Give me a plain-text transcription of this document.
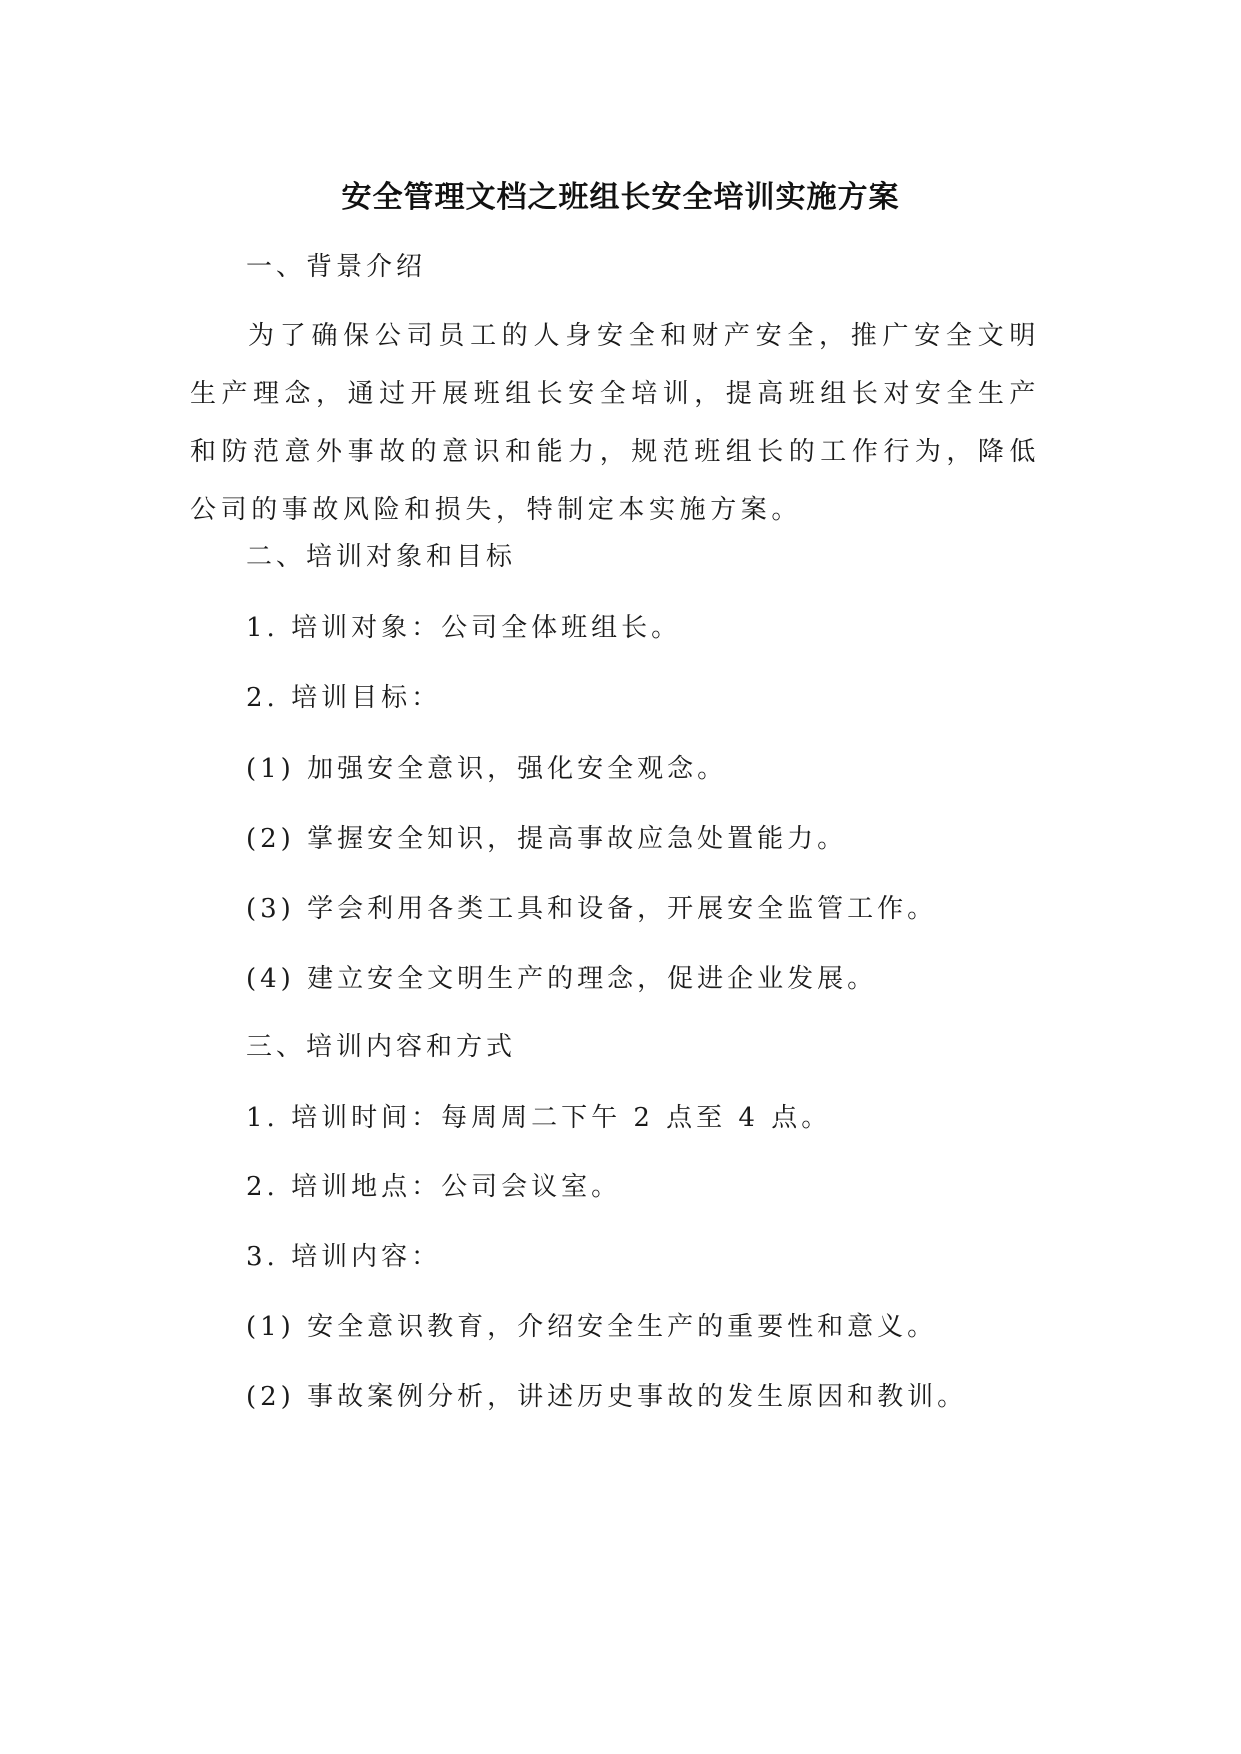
安全管理文档之班组长安全培训实施方案
一、背景介绍

为了确保公司员工的人身安全和财产安全，推广安全文明生产理念，通过开展班组长安全培训，提高班组长对安全生产和防范意外事故的意识和能力，规范班组长的工作行为，降低公司的事故风险和损失，特制定本实施方案。

二、培训对象和目标
1. 培训对象：公司全体班组长。
2. 培训目标：
(1) 加强安全意识，强化安全观念。
(2) 掌握安全知识，提高事故应急处置能力。
(3) 学会利用各类工具和设备，开展安全监管工作。
(4) 建立安全文明生产的理念，促进企业发展。
三、培训内容和方式
1. 培训时间：每周周二下午 2 点至 4 点。
2. 培训地点：公司会议室。
3. 培训内容：
(1) 安全意识教育，介绍安全生产的重要性和意义。
(2) 事故案例分析，讲述历史事故的发生原因和教训。
